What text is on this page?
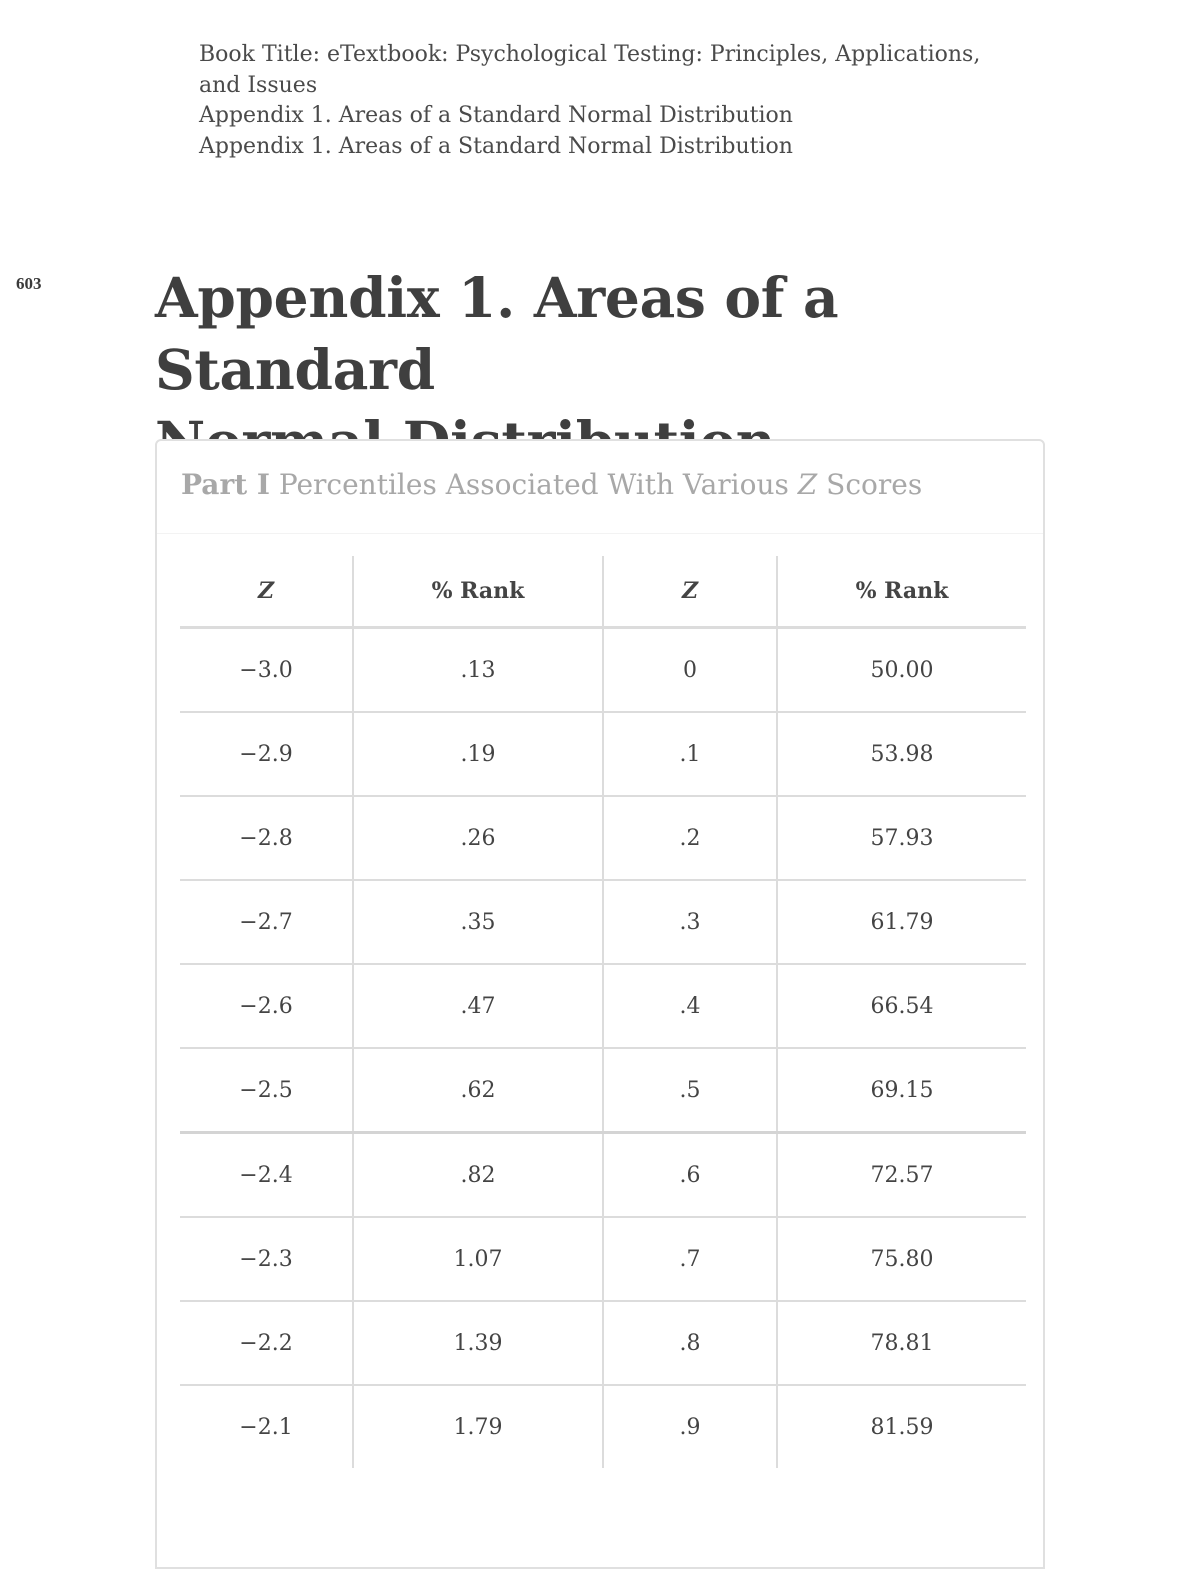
Book Title: eTextbook: Psychological Testing: Principles, Applications,
and Issues
Appendix 1. Areas of a Standard Normal Distribution
Appendix 1. Areas of a Standard Normal Distribution
603 Appendix 1. Areas of a Standard

Part I Percentiles Associated With Various Z Scores
Z	% Rank	Z	% Rank
−3.0	.13	0	50.00
−2.9	.19	.1	53.98
−2.8	.26	.2	57.93
−2.7	.35	.3	61.79
−2.6	.47	.4	66.54
−2.5	.62	.5	69.15
−2.4	.82	.6	72.57
−2.3	1.07	.7	75.80
−2.2	1.39	.8	78.81
−2.1	1.79	.9	81.59
